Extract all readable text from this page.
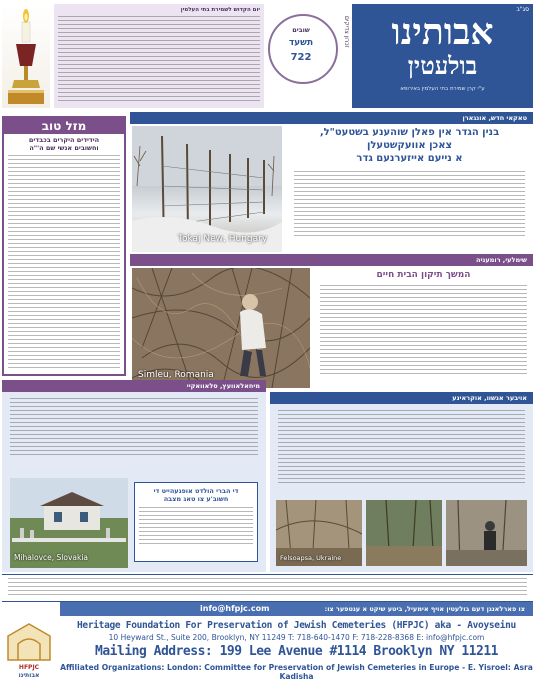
יום הקדוש לשמירת בתי העלמין
שובים
תשעד
722
זכרון צדיקים
סג"ב
אבותינו
בולעטין
ע"י קרן שמירת בתי העלמין באירופא
מזל טוב
הידידים היקרים בכבדים
וחשובים אנשי שם ה'"ה
טאקאי חדש, אונגארן
Tokaj New, Hungary
בנין הגדר אין פאלן שוהענע בשטעט"ל,
צאכן אוועקשטעלן
א נייעם אייזערנעם גדר
שימלעי, רומעניה
Simleu, Romania
המשך תיקון הבית חיים
מיחאלאוועץ, סלאוואקיי
Mihalovce, Slovakia
די הברי הולדט אופגעהייט די
חשוב'ע צו טאג מצבה
אויבער אנשוו, אוקראינע
Felsoapsa, Ukraine
info@hfpjc.com	צו פארלאנגן דעם בולעטין אויף אימעיל, ביטע שיקט א ענטפער צו:
HFPJC
אבותינו
Heritage Foundation For Preservation of Jewish Cemeteries (HFPJC) aka - Avoyseinu
10 Heyward St., Suite 200, Brooklyn, NY 11249 T: 718-640-1470 F: 718-228-8368 E: info@hfpjc.com
Mailing Address: 199 Lee Avenue #1114 Brooklyn NY 11211
Affiliated Organizations: London: Committee for Preservation of Jewish Cemeteries in Europe - E. Yisroel: Asra Kadisha
